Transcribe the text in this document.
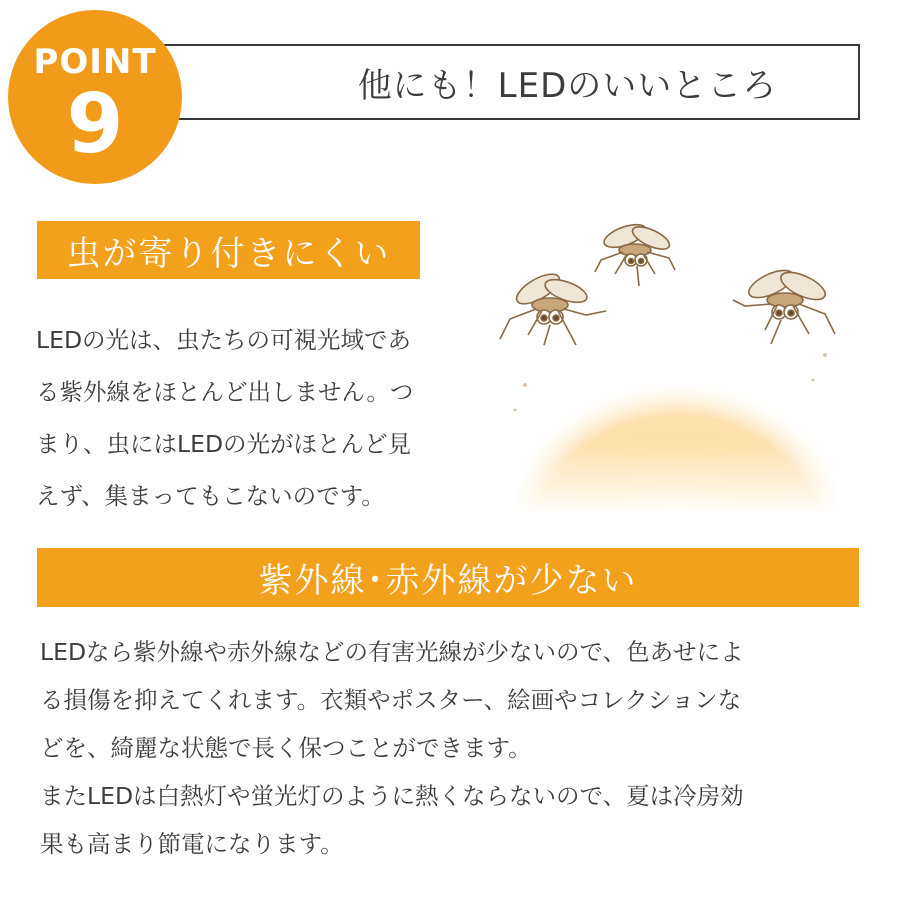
他にも！LEDのいいところ
POINT
9
虫が寄り付きにくい

LEDの光は、虫たちの可視光域であ
る紫外線をほとんど出しません。つ
まり、虫にはLEDの光がほとんど見
えず、集まってもこないのです。

紫外線･赤外線が少ない

LEDなら紫外線や赤外線などの有害光線が少ないので、色あせによ
る損傷を抑えてくれます。衣類やポスター、絵画やコレクションな
どを、綺麗な状態で長く保つことができます。
またLEDは白熱灯や蛍光灯のように熱くならないので、夏は冷房効
果も高まり節電になります。
